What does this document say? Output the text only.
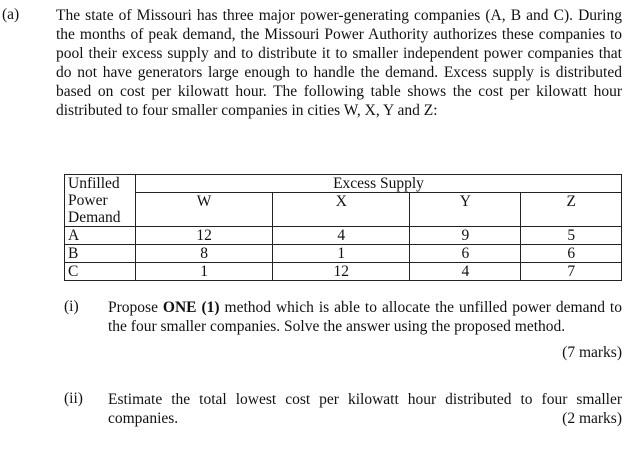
(a) The state of Missouri has three major power-generating companies (A, B and C). During the months of peak demand, the Missouri Power Authority authorizes these companies to pool their excess supply and to distribute it to smaller independent power companies that do not have generators large enough to handle the demand. Excess supply is distributed based on cost per kilowatt hour. The following table shows the cost per kilowatt hour distributed to four smaller companies in cities W, X, Y and Z:
Unfilled
Power
Demand	Excess Supply			
	W	X	Y	Z

A	12	4	9	5
B	8	1	6	6
C	1	12	4	7
(i) Propose ONE (1) method which is able to allocate the unfilled power demand to the four smaller companies. Solve the answer using the proposed method.
(7 marks)
(ii) Estimate the total lowest cost per kilowatt hour distributed to four smaller companies.	(2 marks)
